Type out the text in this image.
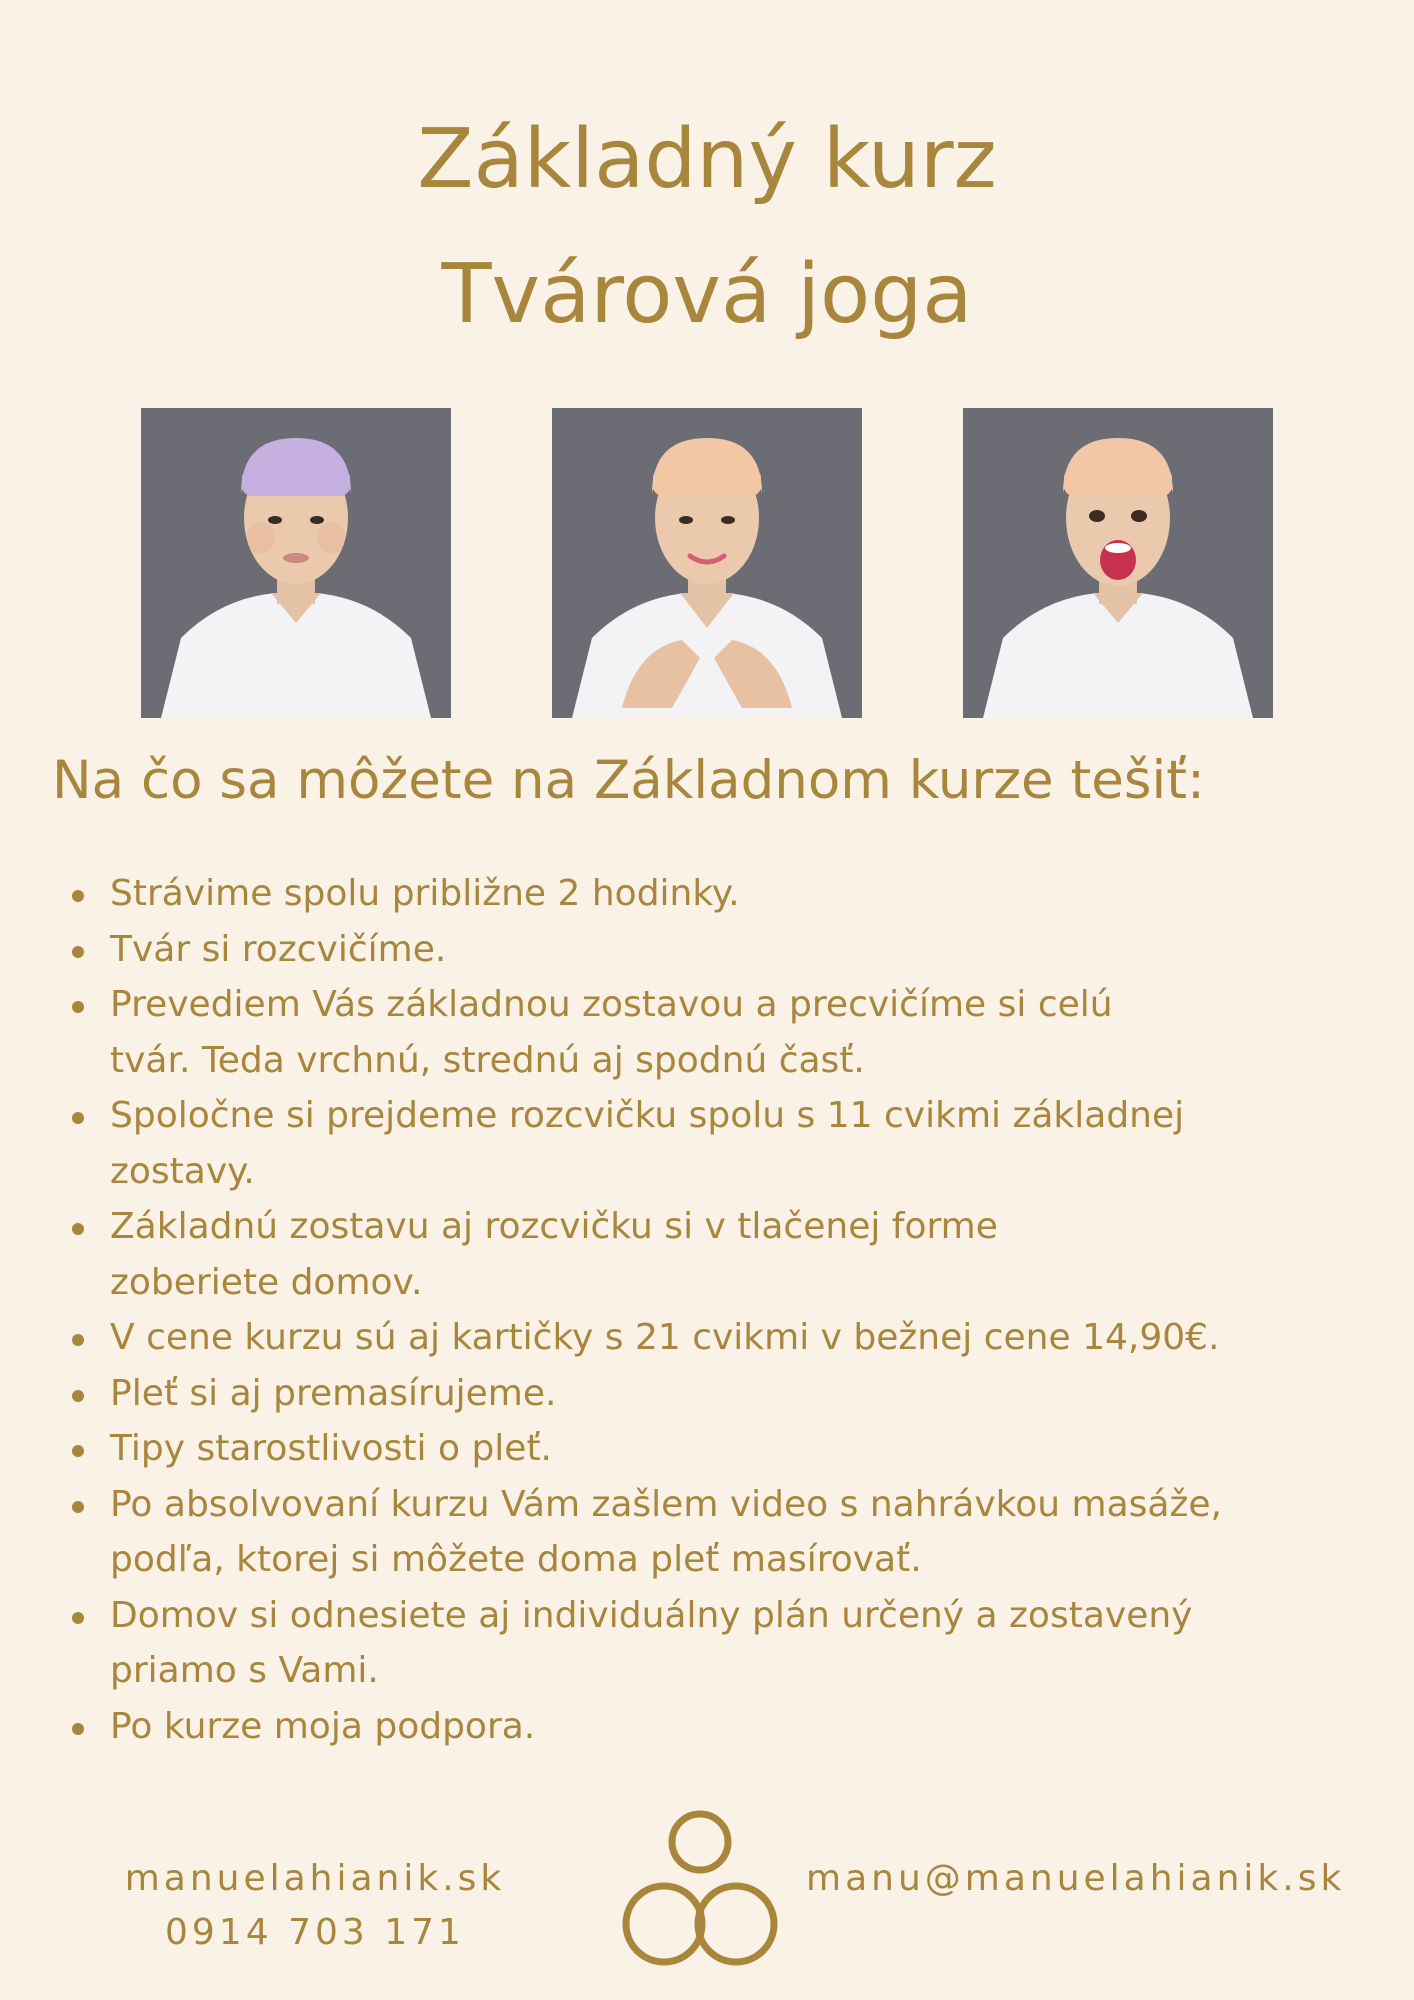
Základný kurz
Tvárová joga
Na čo sa môžete na Základnom kurze tešiť:
Strávime spolu približne 2 hodinky.
Tvár si rozcvičíme.
Prevediem Vás základnou zostavou a precvičíme si celú
tvár. Teda vrchnú, strednú aj spodnú časť.
Spoločne si prejdeme rozcvičku spolu s 11 cvikmi základnej
zostavy.
Základnú zostavu aj rozcvičku si v tlačenej forme
zoberiete domov.
V cene kurzu sú aj kartičky s 21 cvikmi v bežnej cene 14,90€.
Pleť si aj premasírujeme.
Tipy starostlivosti o pleť.
Po absolvovaní kurzu Vám zašlem video s nahrávkou masáže,
podľa, ktorej si môžete doma pleť masírovať.
Domov si odnesiete aj individuálny plán určený a zostavený
priamo s Vami.
Po kurze moja podpora.
manuelahianik.sk
0914 703 171
manu@manuelahianik.sk
